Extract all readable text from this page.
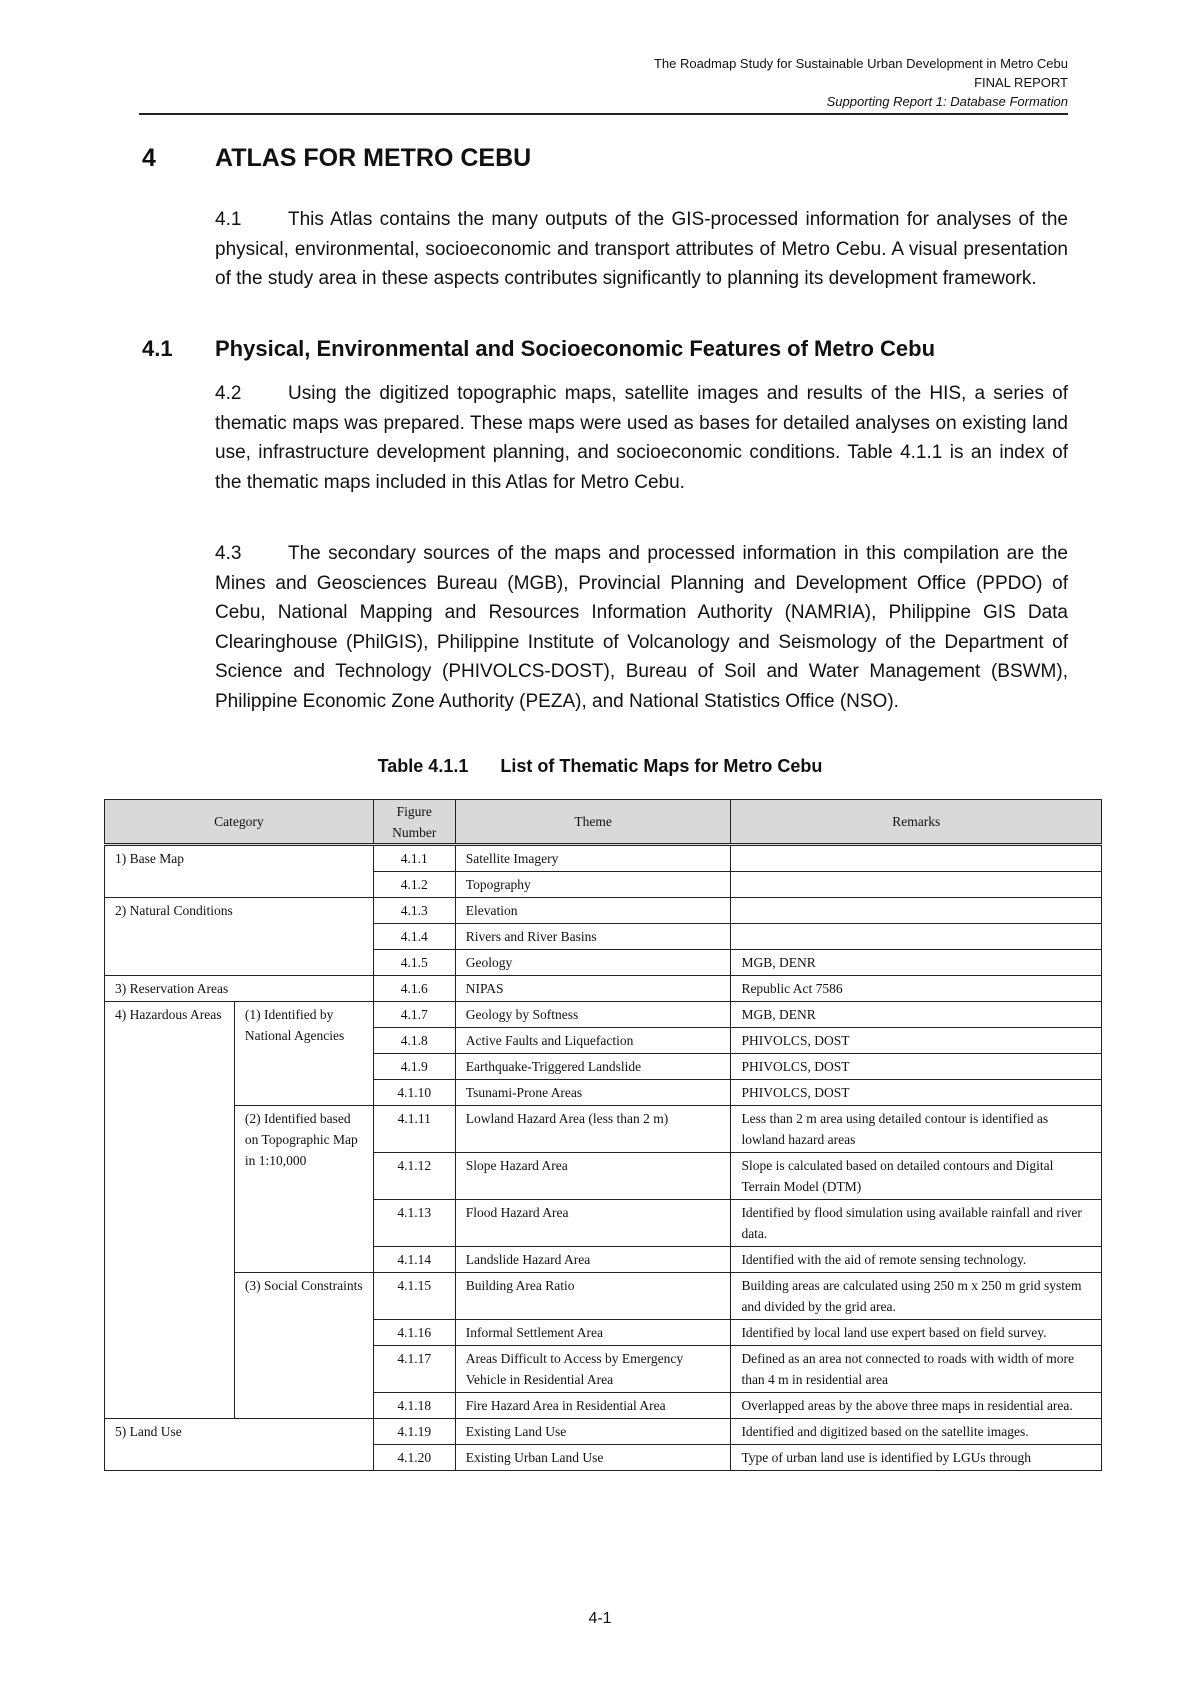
The Roadmap Study for Sustainable Urban Development in Metro Cebu
FINAL REPORT
Supporting Report 1: Database Formation
4 ATLAS FOR METRO CEBU
4.1 This Atlas contains the many outputs of the GIS-processed information for analyses of the physical, environmental, socioeconomic and transport attributes of Metro Cebu. A visual presentation of the study area in these aspects contributes significantly to planning its development framework.
4.1 Physical, Environmental and Socioeconomic Features of Metro Cebu
4.2 Using the digitized topographic maps, satellite images and results of the HIS, a series of thematic maps was prepared. These maps were used as bases for detailed analyses on existing land use, infrastructure development planning, and socioeconomic conditions. Table 4.1.1 is an index of the thematic maps included in this Atlas for Metro Cebu.
4.3 The secondary sources of the maps and processed information in this compilation are the Mines and Geosciences Bureau (MGB), Provincial Planning and Development Office (PPDO) of Cebu, National Mapping and Resources Information Authority (NAMRIA), Philippine GIS Data Clearinghouse (PhilGIS), Philippine Institute of Volcanology and Seismology of the Department of Science and Technology (PHIVOLCS-DOST), Bureau of Soil and Water Management (BSWM), Philippine Economic Zone Authority (PEZA), and National Statistics Office (NSO).
Table 4.1.1 List of Thematic Maps for Metro Cebu
Category		Figure Number	Theme	Remarks
1) Base Map		4.1.1	Satellite Imagery	
		4.1.2	Topography	
2) Natural Conditions		4.1.3	Elevation	
		4.1.4	Rivers and River Basins	
		4.1.5	Geology	MGB, DENR
3) Reservation Areas		4.1.6	NIPAS	Republic Act 7586
4) Hazardous Areas	(1) Identified by National Agencies	4.1.7	Geology by Softness	MGB, DENR
		4.1.8	Active Faults and Liquefaction	PHIVOLCS, DOST
		4.1.9	Earthquake-Triggered Landslide	PHIVOLCS, DOST
		4.1.10	Tsunami-Prone Areas	PHIVOLCS, DOST
	(2) Identified based on Topographic Map in 1:10,000	4.1.11	Lowland Hazard Area (less than 2 m)	Less than 2 m area using detailed contour is identified as lowland hazard areas
		4.1.12	Slope Hazard Area	Slope is calculated based on detailed contours and Digital Terrain Model (DTM)
		4.1.13	Flood Hazard Area	Identified by flood simulation using available rainfall and river data.
		4.1.14	Landslide Hazard Area	Identified with the aid of remote sensing technology.
	(3) Social Constraints	4.1.15	Building Area Ratio	Building areas are calculated using 250 m x 250 m grid system and divided by the grid area.
		4.1.16	Informal Settlement Area	Identified by local land use expert based on field survey.
		4.1.17	Areas Difficult to Access by Emergency Vehicle in Residential Area	Defined as an area not connected to roads with width of more than 4 m in residential area
		4.1.18	Fire Hazard Area in Residential Area	Overlapped areas by the above three maps in residential area.
5) Land Use		4.1.19	Existing Land Use	Identified and digitized based on the satellite images.
		4.1.20	Existing Urban Land Use	Type of urban land use is identified by LGUs through
4-1
